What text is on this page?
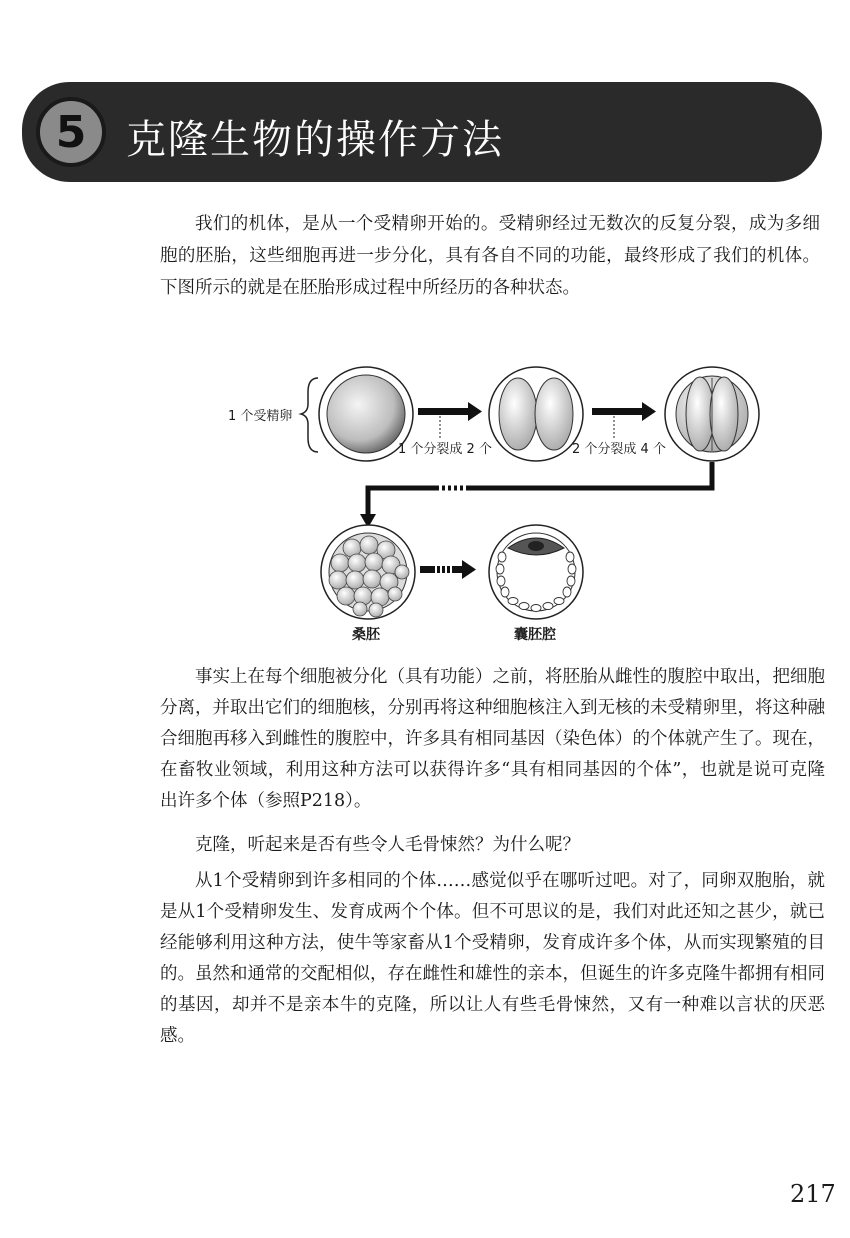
5 克隆生物的操作方法

我们的机体，是从一个受精卵开始的。受精卵经过无数次的反复分裂，成为多细胞的胚胎，这些细胞再进一步分化，具有各自不同的功能，最终形成了我们的机体。下图所示的就是在胚胎形成过程中所经历的各种状态。

1 个受精卵
1 个分裂成 2 个	2 个分裂成 4 个
桑胚	囊胚腔

事实上在每个细胞被分化（具有功能）之前，将胚胎从雌性的腹腔中取出，把细胞分离，并取出它们的细胞核，分别再将这种细胞核注入到无核的未受精卵里，将这种融合细胞再移入到雌性的腹腔中，许多具有相同基因（染色体）的个体就产生了。现在，在畜牧业领域，利用这种方法可以获得许多“具有相同基因的个体”，也就是说可克隆出许多个体（参照P218）。

克隆，听起来是否有些令人毛骨悚然？为什么呢？

从1个受精卵到许多相同的个体……感觉似乎在哪听过吧。对了，同卵双胞胎，就是从1个受精卵发生、发育成两个个体。但不可思议的是，我们对此还知之甚少，就已经能够利用这种方法，使牛等家畜从1个受精卵，发育成许多个体，从而实现繁殖的目的。虽然和通常的交配相似，存在雌性和雄性的亲本，但诞生的许多克隆牛都拥有相同的基因，却并不是亲本牛的克隆，所以让人有些毛骨悚然，又有一种难以言状的厌恶感。

217
